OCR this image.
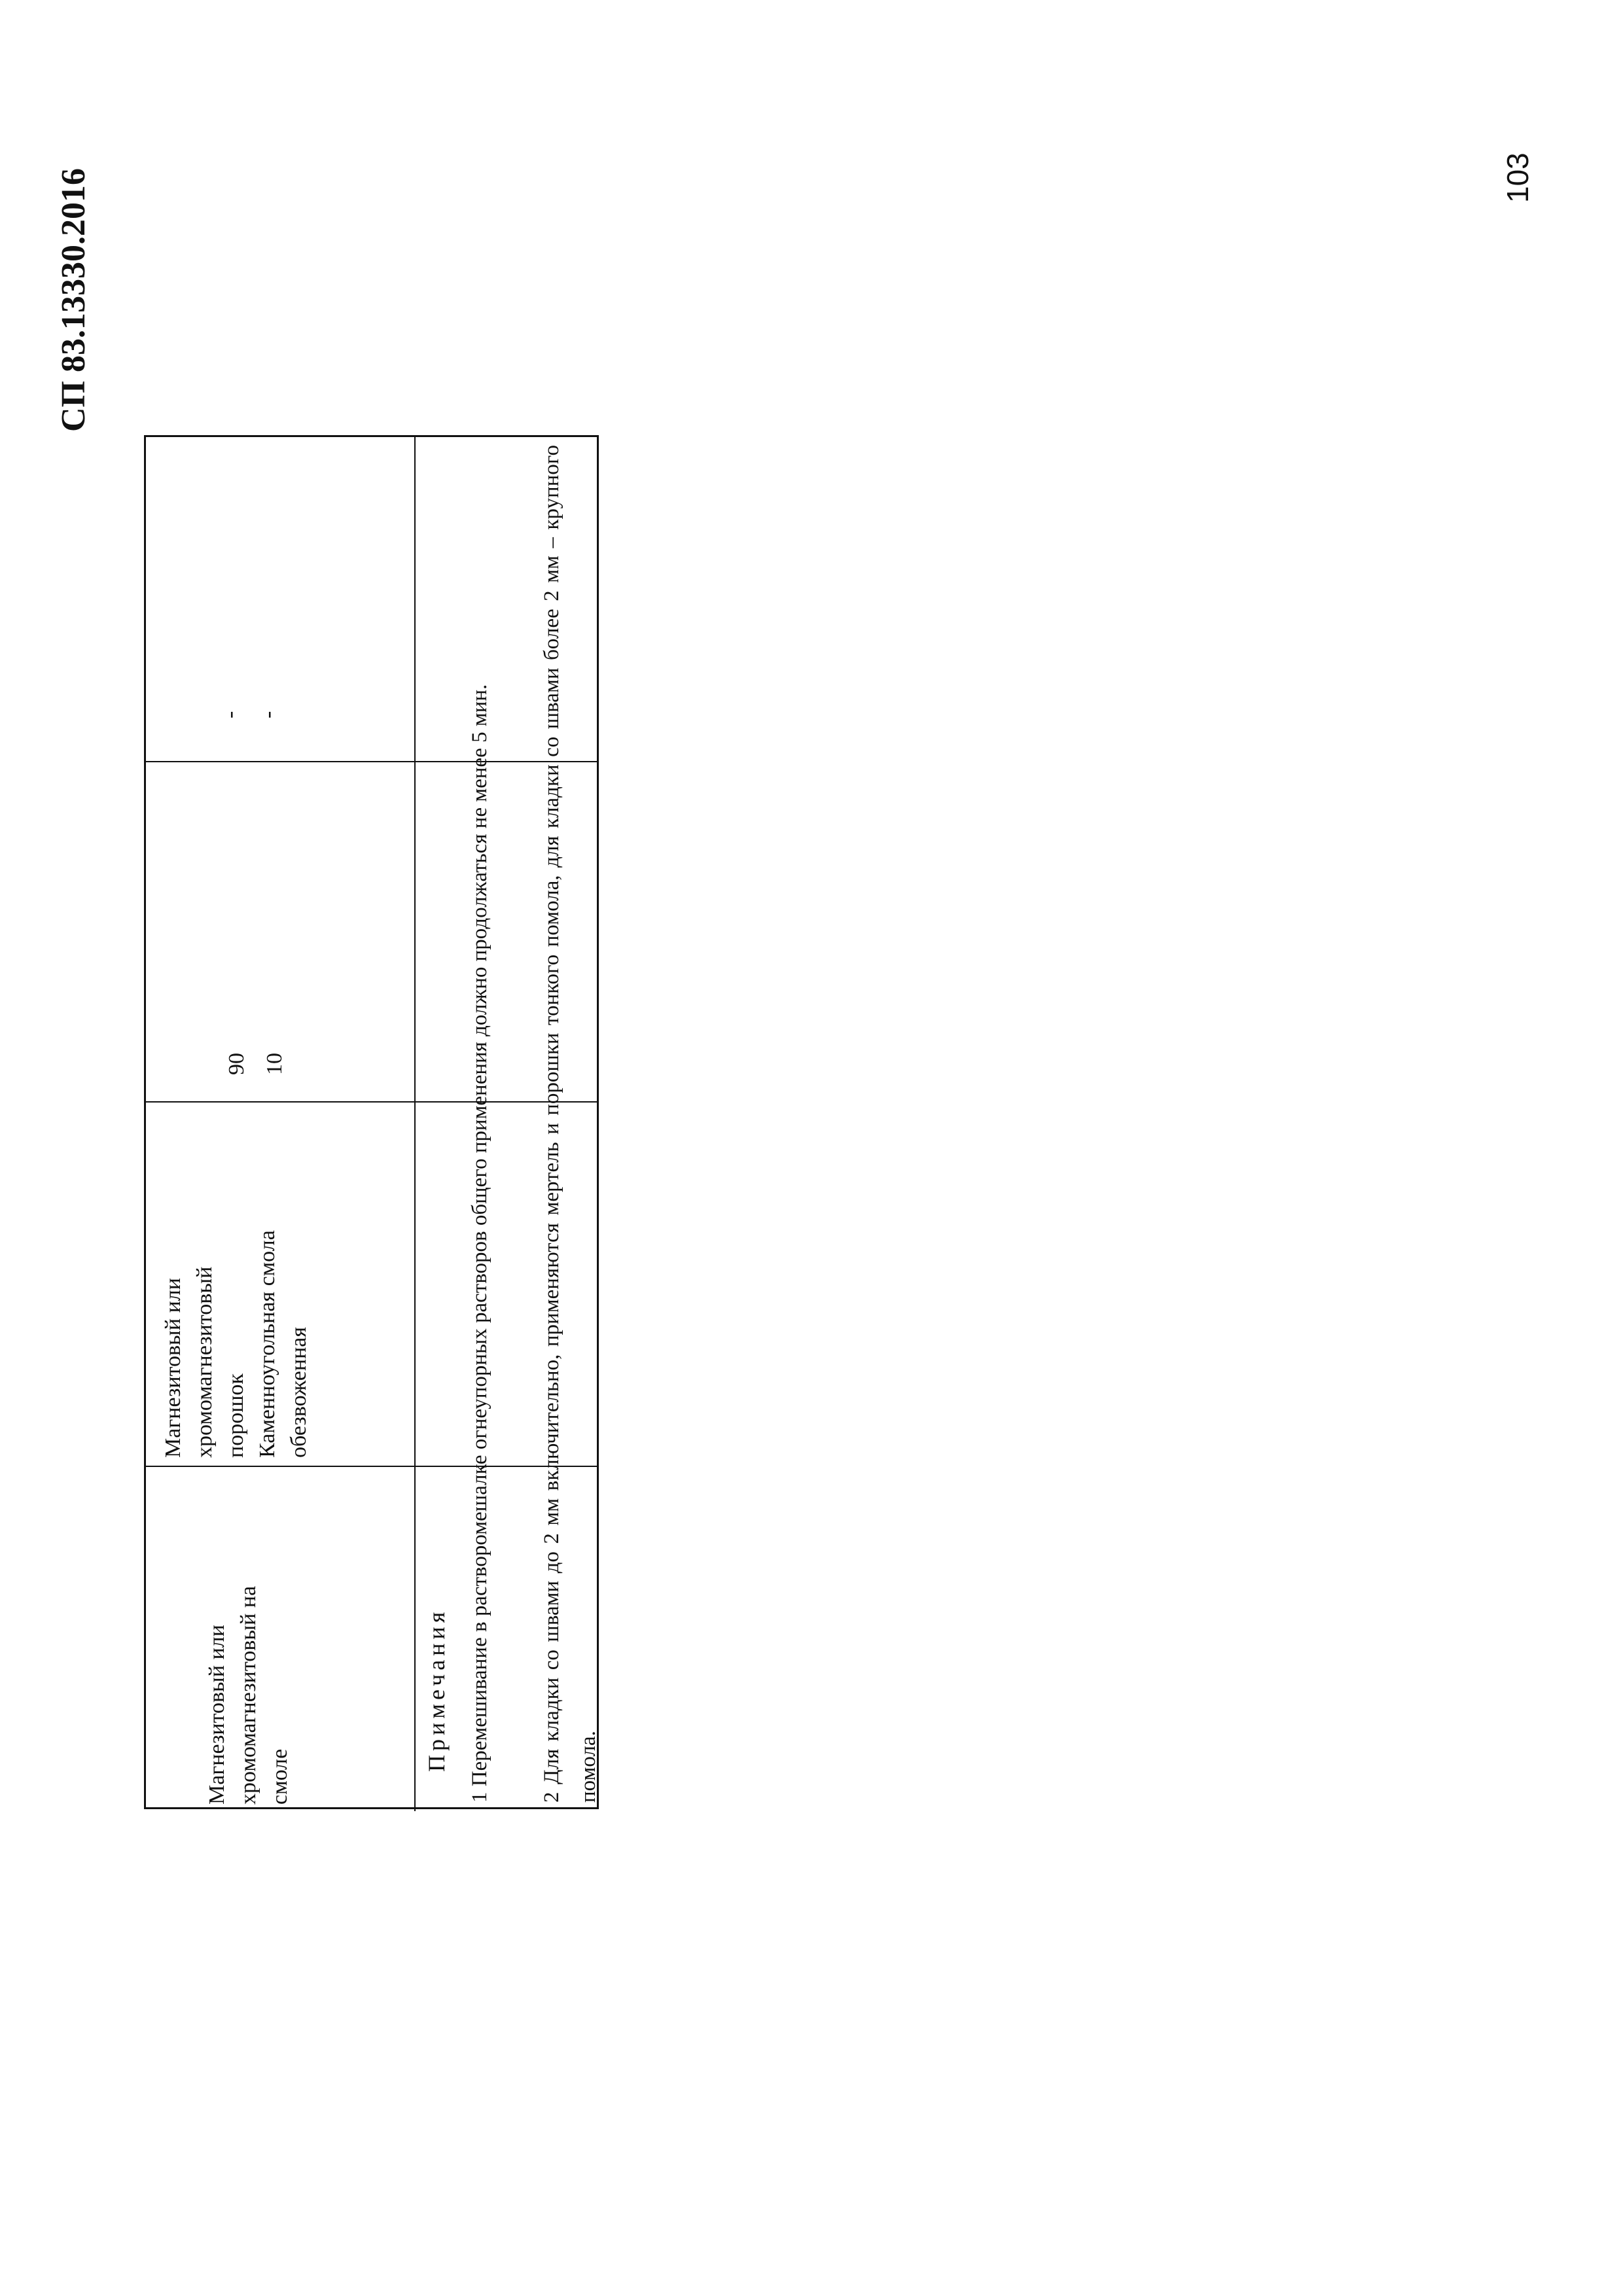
СП 83.13330.2016	103
-
-
90
10
Магнезитовый или
хромомагнезитовый
порошок
Каменноугольная смола
обезвоженная
Магнезитовый или
хромомагнезитовый на
смоле
Примечания 1 Перемешивание в растворомешалке огнеупорных растворов общего применения должно продолжаться не менее 5 мин.	2 Для кладки со швами до 2 мм включительно, применяются мертель и порошки тонкого помола, для кладки со швами более 2 мм – крупного помола.
